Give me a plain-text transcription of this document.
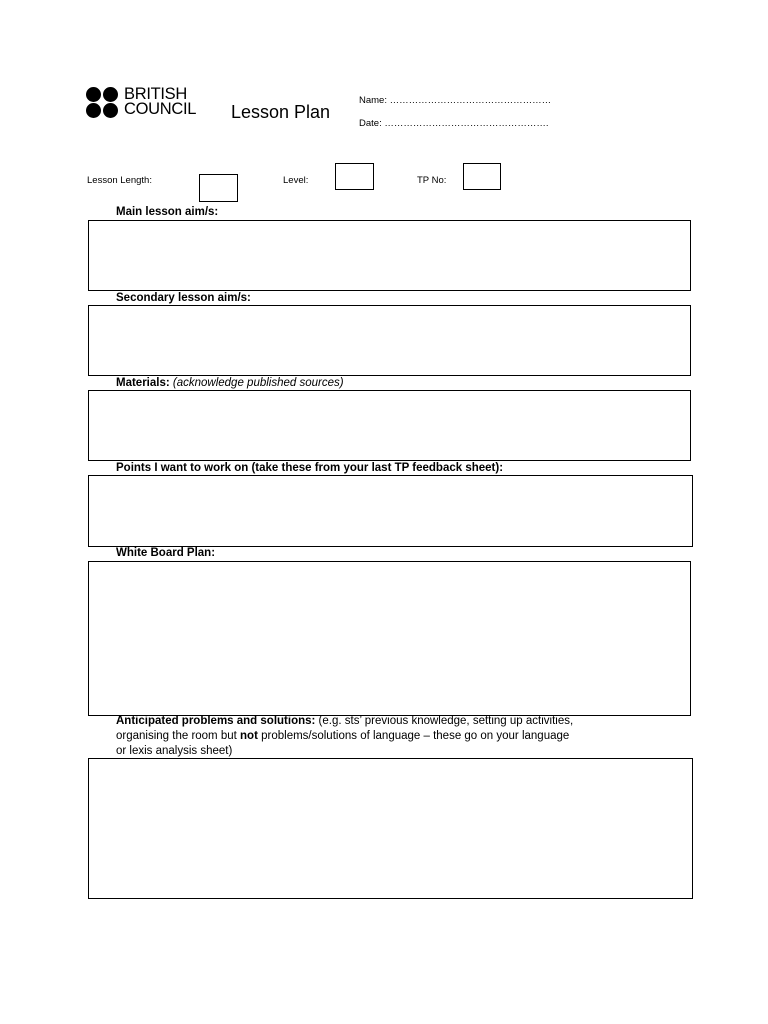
BRITISH
COUNCIL Lesson Plan
Name: ……………………………………………
Date: …………………………………………….
Lesson Length:	Level:	TP No:
Main lesson aim/s:
Secondary lesson aim/s:
Materials: (acknowledge published sources)
Points I want to work on (take these from your last TP feedback sheet):
White Board Plan:
Anticipated problems and solutions: (e.g. sts’ previous knowledge, setting up activities,
organising the room but not problems/solutions of language – these go on your language
or lexis analysis sheet)
